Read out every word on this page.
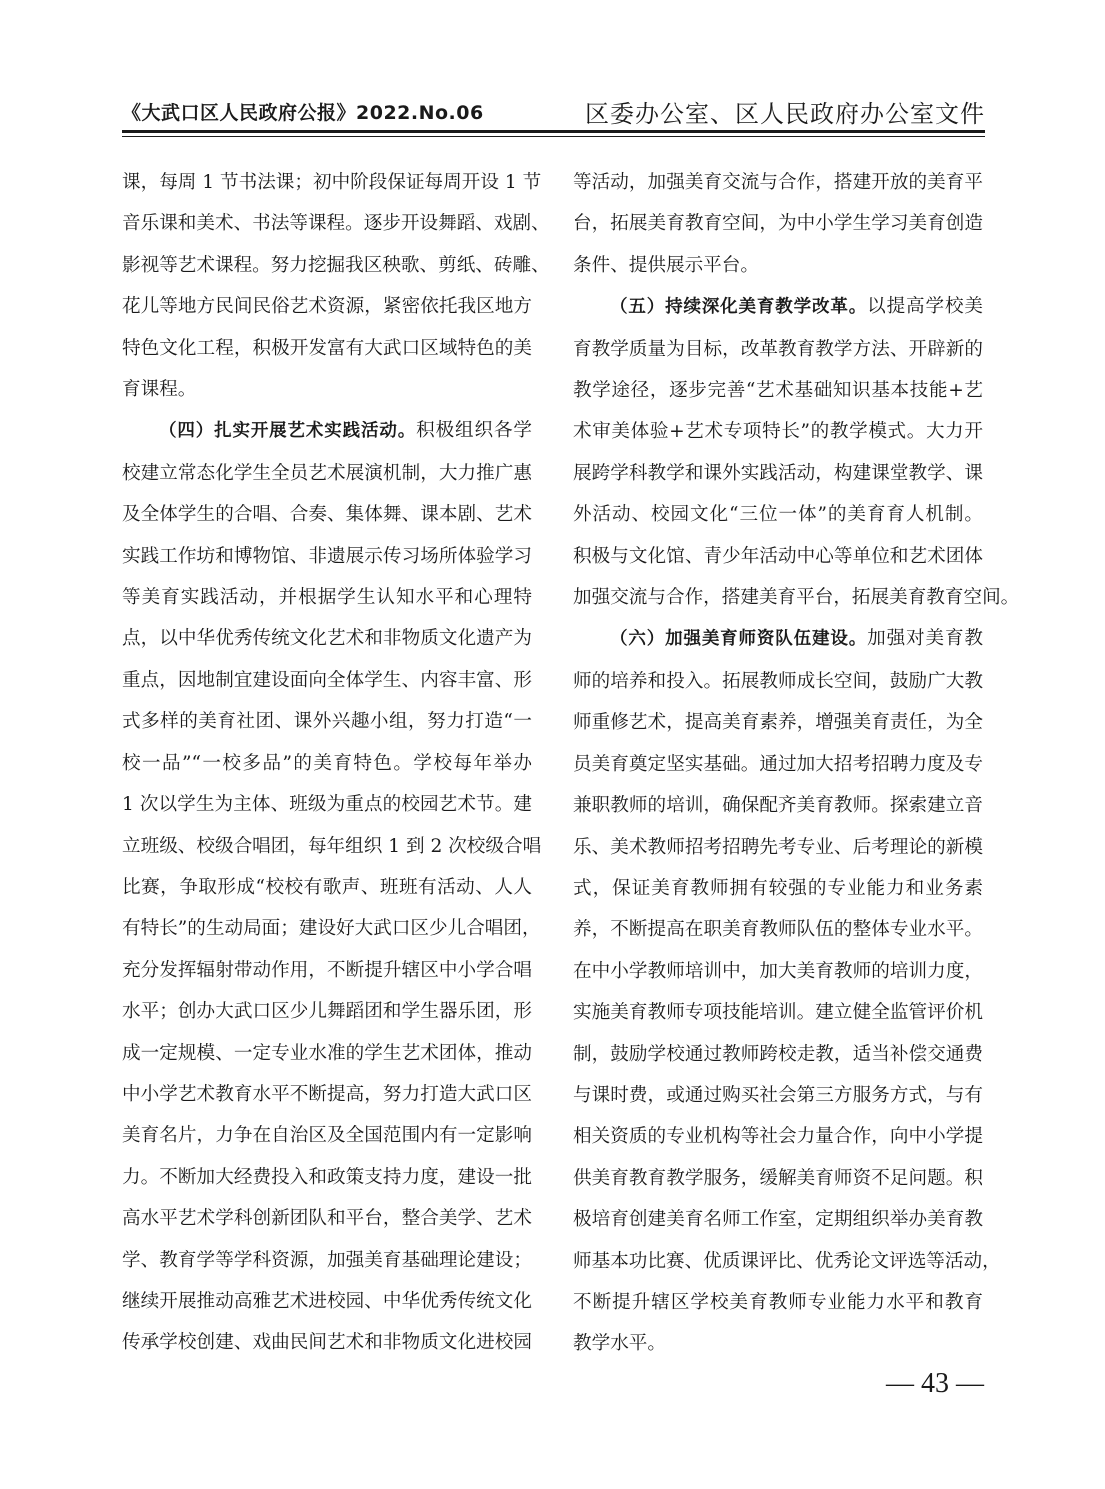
《大武口区人民政府公报》2022.No.06	区委办公室、区人民政府办公室文件

课，每周 1 节书法课；初中阶段保证每周开设 1 节
音乐课和美术、书法等课程。逐步开设舞蹈、戏剧、
影视等艺术课程。努力挖掘我区秧歌、剪纸、砖雕、
花儿等地方民间民俗艺术资源，紧密依托我区地方
特色文化工程，积极开发富有大武口区域特色的美
育课程。

（四）扎实开展艺术实践活动。积极组织各学
校建立常态化学生全员艺术展演机制，大力推广惠
及全体学生的合唱、合奏、集体舞、课本剧、艺术
实践工作坊和博物馆、非遗展示传习场所体验学习
等美育实践活动，并根据学生认知水平和心理特
点，以中华优秀传统文化艺术和非物质文化遗产为
重点，因地制宜建设面向全体学生、内容丰富、形
式多样的美育社团、课外兴趣小组，努力打造“一
校一品”“一校多品”的美育特色。学校每年举办
1 次以学生为主体、班级为重点的校园艺术节。建
立班级、校级合唱团，每年组织 1 到 2 次校级合唱
比赛，争取形成“校校有歌声、班班有活动、人人
有特长”的生动局面；建设好大武口区少儿合唱团，
充分发挥辐射带动作用，不断提升辖区中小学合唱
水平；创办大武口区少儿舞蹈团和学生器乐团，形
成一定规模、一定专业水准的学生艺术团体，推动
中小学艺术教育水平不断提高，努力打造大武口区
美育名片，力争在自治区及全国范围内有一定影响
力。不断加大经费投入和政策支持力度，建设一批
高水平艺术学科创新团队和平台，整合美学、艺术
学、教育学等学科资源，加强美育基础理论建设；
继续开展推动高雅艺术进校园、中华优秀传统文化
传承学校创建、戏曲民间艺术和非物质文化进校园

等活动，加强美育交流与合作，搭建开放的美育平
台，拓展美育教育空间，为中小学生学习美育创造
条件、提供展示平台。

（五）持续深化美育教学改革。以提高学校美
育教学质量为目标，改革教育教学方法、开辟新的
教学途径，逐步完善“艺术基础知识基本技能+艺
术审美体验+艺术专项特长”的教学模式。大力开
展跨学科教学和课外实践活动，构建课堂教学、课
外活动、校园文化“三位一体”的美育育人机制。
积极与文化馆、青少年活动中心等单位和艺术团体
加强交流与合作，搭建美育平台，拓展美育教育空间。

（六）加强美育师资队伍建设。加强对美育教
师的培养和投入。拓展教师成长空间，鼓励广大教
师重修艺术，提高美育素养，增强美育责任，为全
员美育奠定坚实基础。通过加大招考招聘力度及专
兼职教师的培训，确保配齐美育教师。探索建立音
乐、美术教师招考招聘先考专业、后考理论的新模
式，保证美育教师拥有较强的专业能力和业务素
养，不断提高在职美育教师队伍的整体专业水平。
在中小学教师培训中，加大美育教师的培训力度，
实施美育教师专项技能培训。建立健全监管评价机
制，鼓励学校通过教师跨校走教，适当补偿交通费
与课时费，或通过购买社会第三方服务方式，与有
相关资质的专业机构等社会力量合作，向中小学提
供美育教育教学服务，缓解美育师资不足问题。积
极培育创建美育名师工作室，定期组织举办美育教
师基本功比赛、优质课评比、优秀论文评选等活动，
不断提升辖区学校美育教师专业能力水平和教育
教学水平。

— 43 —
